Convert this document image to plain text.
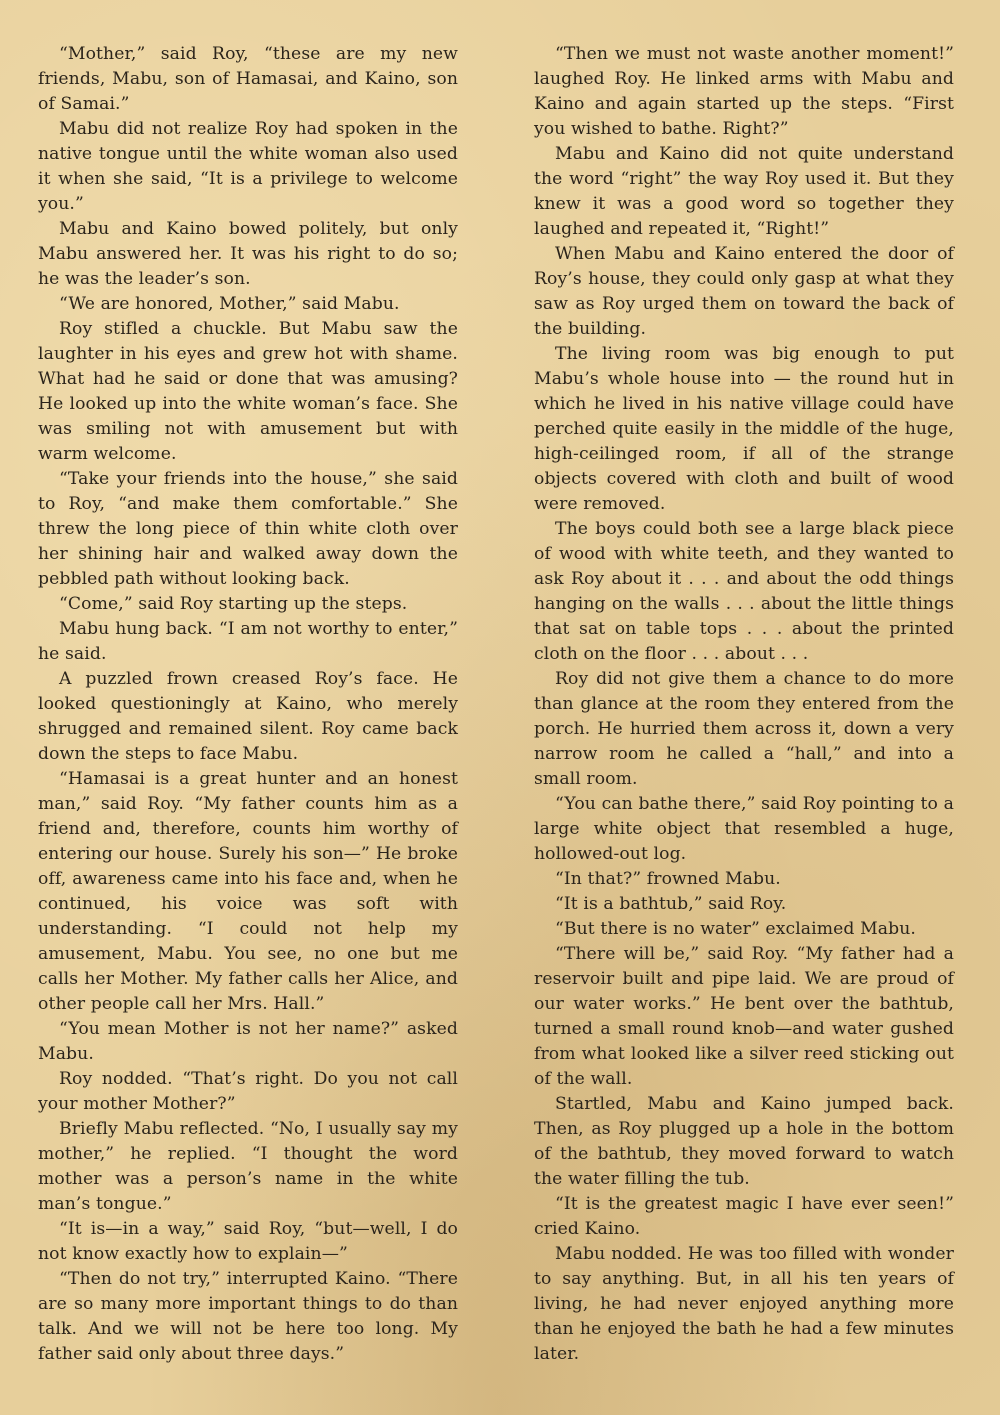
“Mother,” said Roy, “these are my new friends, Mabu, son of Hamasai, and Kaino, son of Samai.”

Mabu did not realize Roy had spoken in the native tongue until the white woman also used it when she said, “It is a privilege to welcome you.”

Mabu and Kaino bowed politely, but only Mabu answered her. It was his right to do so; he was the leader’s son.

“We are honored, Mother,” said Mabu.

Roy stifled a chuckle. But Mabu saw the laughter in his eyes and grew hot with shame. What had he said or done that was amusing? He looked up into the white woman’s face. She was smiling not with amusement but with warm welcome.

“Take your friends into the house,” she said to Roy, “and make them comfortable.” She threw the long piece of thin white cloth over her shining hair and walked away down the pebbled path without looking back.

“Come,” said Roy starting up the steps.

Mabu hung back. “I am not worthy to enter,” he said.

A puzzled frown creased Roy’s face. He looked questioningly at Kaino, who merely shrugged and remained silent. Roy came back down the steps to face Mabu.

“Hamasai is a great hunter and an honest man,” said Roy. “My father counts him as a friend and, therefore, counts him worthy of entering our house. Surely his son—” He broke off, awareness came into his face and, when he continued, his voice was soft with understanding. “I could not help my amusement, Mabu. You see, no one but me calls her Mother. My father calls her Alice, and other people call her Mrs. Hall.”

“You mean Mother is not her name?” asked Mabu.

Roy nodded. “That’s right. Do you not call your mother Mother?”

Briefly Mabu reflected. “No, I usually say my mother,” he replied. “I thought the word mother was a person’s name in the white man’s tongue.”

“It is—in a way,” said Roy, “but—well, I do not know exactly how to explain—”

“Then do not try,” interrupted Kaino. “There are so many more important things to do than talk. And we will not be here too long. My father said only about three days.”

“Then we must not waste another moment!” laughed Roy. He linked arms with Mabu and Kaino and again started up the steps. “First you wished to bathe. Right?”

Mabu and Kaino did not quite understand the word “right” the way Roy used it. But they knew it was a good word so together they laughed and repeated it, “Right!”

When Mabu and Kaino entered the door of Roy’s house, they could only gasp at what they saw as Roy urged them on toward the back of the building.

The living room was big enough to put Mabu’s whole house into — the round hut in which he lived in his native village could have perched quite easily in the middle of the huge, high-ceilinged room, if all of the strange objects covered with cloth and built of wood were removed.

The boys could both see a large black piece of wood with white teeth, and they wanted to ask Roy about it . . . and about the odd things hanging on the walls . . . about the little things that sat on table tops . . . about the printed cloth on the floor . . . about . . .

Roy did not give them a chance to do more than glance at the room they entered from the porch. He hurried them across it, down a very narrow room he called a “hall,” and into a small room.

“You can bathe there,” said Roy pointing to a large white object that resembled a huge, hollowed-out log.

“In that?” frowned Mabu.

“It is a bathtub,” said Roy.

“But there is no water” exclaimed Mabu.

“There will be,” said Roy. “My father had a reservoir built and pipe laid. We are proud of our water works.” He bent over the bathtub, turned a small round knob—and water gushed from what looked like a silver reed sticking out of the wall.

Startled, Mabu and Kaino jumped back. Then, as Roy plugged up a hole in the bottom of the bathtub, they moved forward to watch the water filling the tub.

“It is the greatest magic I have ever seen!” cried Kaino.

Mabu nodded. He was too filled with wonder to say anything. But, in all his ten years of living, he had never enjoyed anything more than he enjoyed the bath he had a few minutes later.
